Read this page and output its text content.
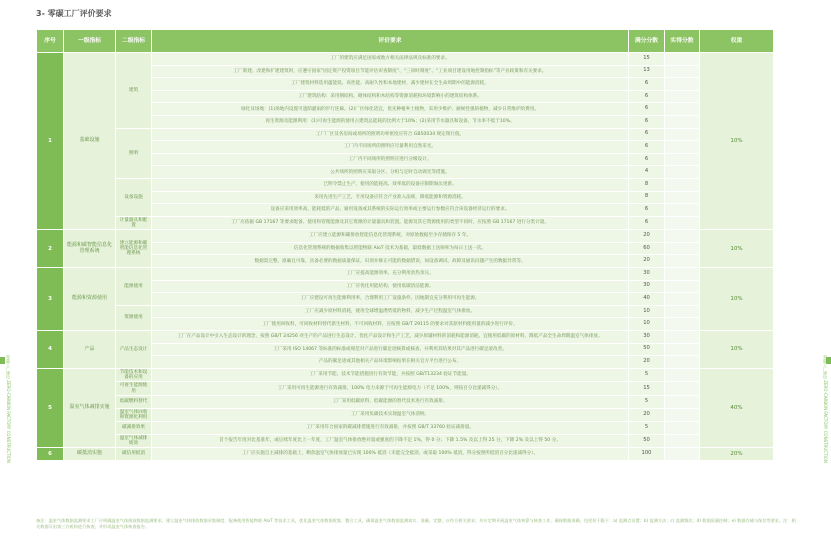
3- 零碳工厂评价要求
序号	一级指标	二级指标	评价要求	满分分数	实得分数	权重
1	基础设施	建筑	工厂的建筑应满足国家或地方相关法律法规及标准的要求。	15		10%
			工厂新建、改建和扩建建筑时，应遵守国家“固定资产投资项目节能评估审查制度”、“三同时制度”、“工业项目建设用地控制指标”等产业政策和有关要求。	13		
			工厂建筑材料选用蕴能低、高性能、高耐久性和本地建材，减少建材在全生命周期中的能源消耗。	6		
			工厂建筑结构：采用钢结构、砌体结构和木结构等资源消耗和环境影响小的建筑结构体系。	6		
			绿化及场地：(1)场地内设置可遮荫避雨的步行连廊。(2)厂区绿化适宜，优先种植乡土植物，采用少维护、耐候性强的植物，减少日常维护的费用。	6		
			再生资源及能源利用：(1)可再生能源的使用占建筑总能耗的比例大于10%；(2)采用节水器具和设备，节水率不低于10%。	6		
		照明	工厂厂区及各房间或场所的照明功率密度应符合 GB50034 规定现行值。	6		
			工厂内不同场所的照明应尽量利用自然采光。	6		
			工厂内不同场所的照明应进行分级设计。	6		
			公共场所的照明应采取分区、分组与定时自动调光等措施。	4		
		设备设施	已明令禁止生产、使用的能耗高、效率低的设备应限期淘汰更新。	8		
			采用先进生产工艺，专用设备应符合产业准入法规，降低能源和资源消耗。	8		
			设备应采用效率高、能耗低的产品，通用设备或其系统的实际运行效率或主要运行参数应符合该设备经济运行的要求。	6		
		计量器具和配置	工厂应依据 GB 17167 等要求配备、使用和管理能源及其它资源的计量器具和装置。能源及其它资源使用的类型不同时，应按照 GB 17167 进行分类计量。	6		
2	能源和碳智能信息化管理系统	建立能源和碳智能信息化管理系统	工厂应建立能源和碳排放智能信息化管理系统，对原始数据至少存储保存 5 年。	20		10%
			信息化管理系统的数据收集以智能物联 AIoT 技术为基础，最低数据上送频率为每日上送一次。	60		
			数据需完整、准确且可靠，具备必要的数据质量保证，识别并修正可能的数据错误，如设备调试、故障及通讯问题产生的数据异常等。	20		
3	能源和资源使用	能源使用	工厂应提高能源效率，充分利用余热余压。	30		10%
			工厂应优化用能结构，使用低碳清洁能源。	30		
			工厂应建设可再生能源利用率，合理利用工厂设施条件，因地制宜充分利用可再生能源。	40		
		资源使用	工厂应减少原材料消耗，使用全球增温潜势低的物料，减少生产过程温室气体排放。	10		
			工厂使用回收料，可回收材料替代新生材料，不可回收材料，应按照 GB/T 29115 的要求对其原材料使用量的减少进行评价。	10		
4	产品	产品生态设计	工厂在产品设计中引入生态设计的理念，按照 GB/T 24256 对生产的产品进行生态设计，优化产品设计和生产工艺，减少原辅材料的消耗和能源消耗。宜使用低碳的原材料，降低产品全生命周期温室气体排放。	30		10%
			工厂采用 ISO 14067 等标准的标准或规范对产品进行碳足迹核算或核查，并利用其结果对其产品进行碳足迹改善。	50		
			产品的碳足迹或其他相关产品环境影响结果在相关官方平台进行公布。	20		
5	温室气体减排实施	节能技术和设备的应用	工厂采用节能、技术节能措施进行有效节能，并按照 GB/T13234 验证节能量。	5		40%
		可再生能源使用	工厂采用可再生能源进行有效减排，100% 电力来源于可再生能源电力（不足 100%，则按百分比递减得分）。	15		
		低碳燃料替代	工厂采用低碳原料、低碳能源的替代技术进行有效减排。	5		
		温室气体回收和资源化利用	工厂采用负碳技术实现温室气体消纳。	20		
		碳减排效果	工厂采用符合国家的碳减排措施进行有效减排，并按照 GB/T 33760 验证减排量。	5		
		温室气体减排绩效	首个报告年度对比基准年，或后续年度比上一年度，工厂温室气体排放绝对量或强度的下降不足 1%，得 0 分；下降 1.5% 及以上得 25 分，下降 2% 及以上得 50 分。	50		
6	碳抵消实施	碳信用抵消	工厂应实施自主减排的基础上，剩余温室气体排放量已实现 100% 抵消（未能完全抵消，或采取 100% 抵消，得分按照所抵消百分比递减得分）。	100		20%
零碳工厂建设 ZERO-CARBON FACTORY CONSTRUCTION	零碳工厂建设 ZERO-CARBON FACTORY CONSTRUCTION
备注：温室气体数据监测要求工厂应明确温室气体排放数据监测要求，建立温室气体排放数据采集制度，配备使用智能物联 AIoT 等技术工具，优化温室气体数据收集、整合工具，确保温室气体数据监测真实、准确、完整，应符合相关要求；并应定期开展温室气体核算与核查工作，确保数据准确，包括但不限于：a) 监测点设置；b) 监测方法；c) 监测频次；d) 数据质量控制；e) 数据存储与保存等要求。注：相关数据可由第三方机构进行核查，并形成温室气体核查报告。
